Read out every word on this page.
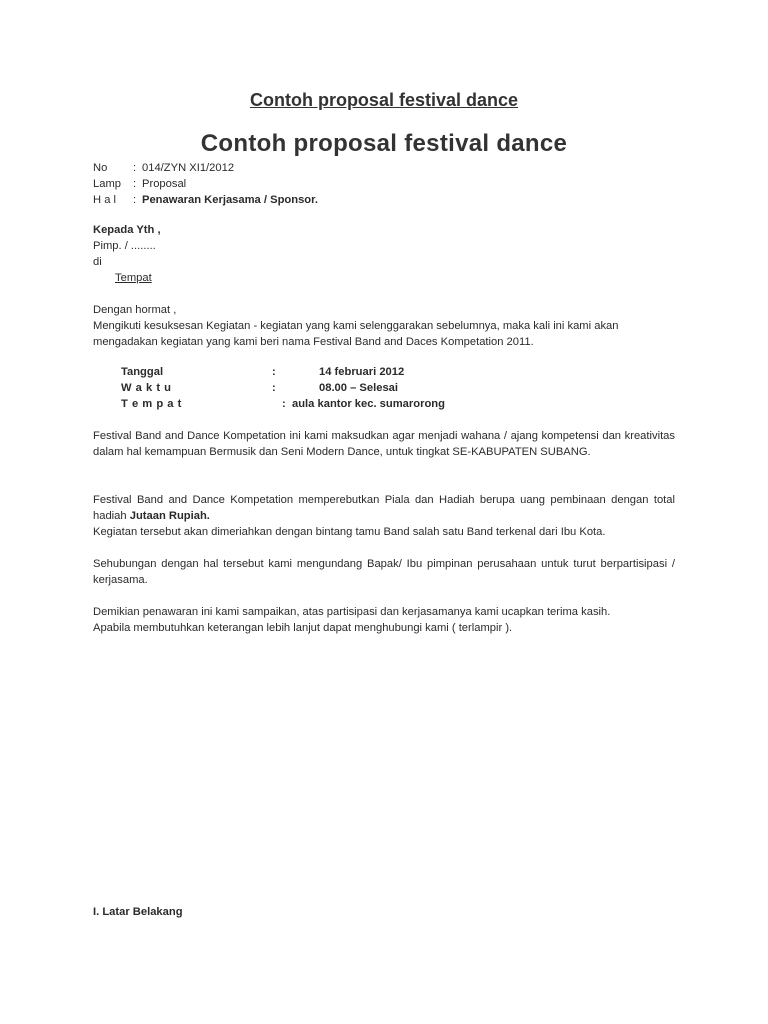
Contoh proposal festival dance
Contoh proposal festival dance
No : 014/ZYN XI1/2012
Lamp : Proposal
H a l : Penawaran Kerjasama / Sponsor.
Kepada Yth ,
Pimp. / ........
di
Tempat
Dengan hormat ,
Mengikuti kesuksesan Kegiatan - kegiatan yang kami selenggarakan sebelumnya, maka kali ini kami akan
mengadakan kegiatan yang kami beri nama Festival Band and Daces Kompetation 2011.
Tanggal	:	14 februari 2012
W a k t u	:	08.00 – Selesai
T e m p a t	: aula kantor kec. sumarorong
Festival Band and Dance Kompetation ini kami maksudkan agar menjadi wahana / ajang kompetensi dan kreativitas dalam hal kemampuan Bermusik dan Seni Modern Dance, untuk tingkat SE-KABUPATEN SUBANG.
Festival Band and Dance Kompetation memperebutkan Piala dan Hadiah berupa uang pembinaan dengan total hadiah Jutaan Rupiah.
Kegiatan tersebut akan dimeriahkan dengan bintang tamu Band salah satu Band terkenal dari Ibu Kota.
Sehubungan dengan hal tersebut kami mengundang Bapak/ Ibu pimpinan perusahaan untuk turut berpartisipasi / kerjasama.
Demikian penawaran ini kami sampaikan, atas partisipasi dan kerjasamanya kami ucapkan terima kasih.
Apabila membutuhkan keterangan lebih lanjut dapat menghubungi kami ( terlampir ).
I. Latar Belakang
